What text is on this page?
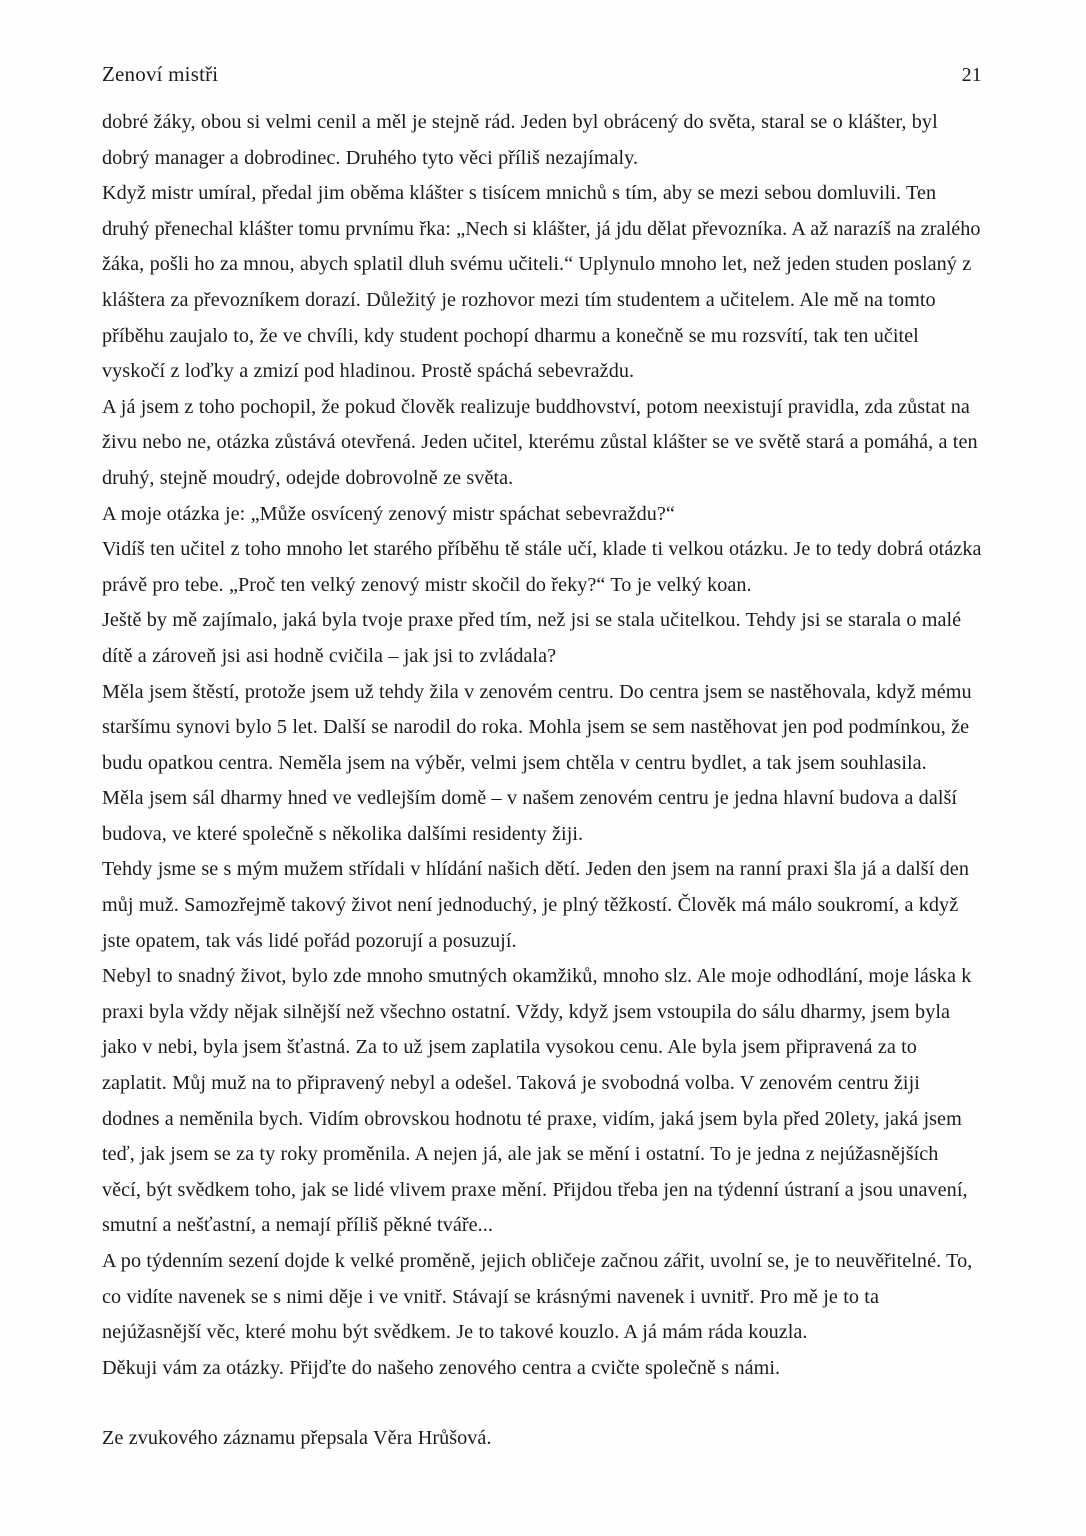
Zenoví mistři	21

dobré žáky, obou si velmi cenil a měl je stejně rád. Jeden byl obrácený do světa, staral se o klášter, byl dobrý manager a dobrodinec. Druhého tyto věci příliš nezajímaly.

Když mistr umíral, předal jim oběma klášter s tisícem mnichů s tím, aby se mezi sebou domluvili. Ten druhý přenechal klášter tomu prvnímu řka: „Nech si klášter, já jdu dělat převozníka. A až narazíš na zralého žáka, pošli ho za mnou, abych splatil dluh svému učiteli.“ Uplynulo mnoho let, než jeden studen poslaný z kláštera za převozníkem dorazí. Důležitý je rozhovor mezi tím studentem a učitelem. Ale mě na tomto příběhu zaujalo to, že ve chvíli, kdy student pochopí dharmu a konečně se mu rozsvítí, tak ten učitel vyskočí z loďky a zmizí pod hladinou. Prostě spáchá sebevraždu.

A já jsem z toho pochopil, že pokud člověk realizuje buddhovství, potom neexistují pravidla, zda zůstat na živu nebo ne, otázka zůstává otevřená. Jeden učitel, kterému zůstal klášter se ve světě stará a pomáhá, a ten druhý, stejně moudrý, odejde dobrovolně ze světa.

A moje otázka je: „Může osvícený zenový mistr spáchat sebevraždu?“

Vidíš ten učitel z toho mnoho let starého příběhu tě stále učí, klade ti velkou otázku. Je to tedy dobrá otázka právě pro tebe. „Proč ten velký zenový mistr skočil do řeky?“ To je velký koan.

Ještě by mě zajímalo, jaká byla tvoje praxe před tím, než jsi se stala učitelkou. Tehdy jsi se starala o malé dítě a zároveň jsi asi hodně cvičila – jak jsi to zvládala?

Měla jsem štěstí, protože jsem už tehdy žila v zenovém centru. Do centra jsem se nastěhovala, když mému staršímu synovi bylo 5 let. Další se narodil do roka. Mohla jsem se sem nastěhovat jen pod podmínkou, že budu opatkou centra. Neměla jsem na výběr, velmi jsem chtěla v centru bydlet, a tak jsem souhlasila.

Měla jsem sál dharmy hned ve vedlejším domě – v našem zenovém centru je jedna hlavní budova a další budova, ve které společně s několika dalšími residenty žiji.

Tehdy jsme se s mým mužem střídali v hlídání našich dětí. Jeden den jsem na ranní praxi šla já a další den můj muž. Samozřejmě takový život není jednoduchý, je plný těžkostí. Člověk má málo soukromí, a když jste opatem, tak vás lidé pořád pozorují a posuzují.

Nebyl to snadný život, bylo zde mnoho smutných okamžiků, mnoho slz. Ale moje odhodlání, moje láska k praxi byla vždy nějak silnější než všechno ostatní. Vždy, když jsem vstoupila do sálu dharmy, jsem byla jako v nebi, byla jsem šťastná. Za to už jsem zaplatila vysokou cenu. Ale byla jsem připravená za to zaplatit. Můj muž na to připravený nebyl a odešel. Taková je svobodná volba. V zenovém centru žiji dodnes a neměnila bych. Vidím obrovskou hodnotu té praxe, vidím, jaká jsem byla před 20lety, jaká jsem teď, jak jsem se za ty roky proměnila. A nejen já, ale jak se mění i ostatní. To je jedna z nejúžasnějších věcí, být svědkem toho, jak se lidé vlivem praxe mění. Přijdou třeba jen na týdenní ústraní a jsou unavení, smutní a nešťastní, a nemají příliš pěkné tváře...

A po týdenním sezení dojde k velké proměně, jejich obličeje začnou zářit, uvolní se, je to neuvěřitelné. To, co vidíte navenek se s nimi děje i ve vnitř. Stávají se krásnými navenek i uvnitř. Pro mě je to ta nejúžasnější věc, které mohu být svědkem. Je to takové kouzlo. A já mám ráda kouzla.

Děkuji vám za otázky. Přijďte do našeho zenového centra a cvičte společně s námi.

Ze zvukového záznamu přepsala Věra Hrůšová.
